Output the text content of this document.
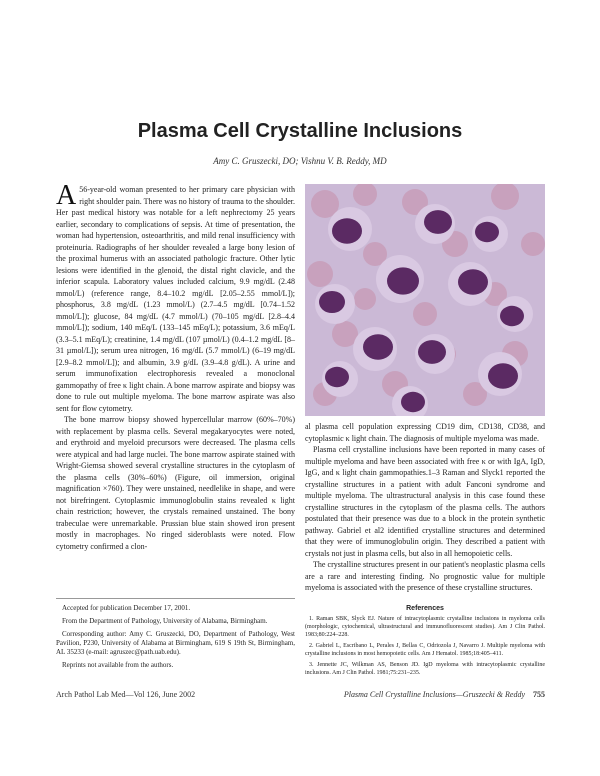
Plasma Cell Crystalline Inclusions
Amy C. Gruszecki, DO; Vishnu V. B. Reddy, MD

A 56-year-old woman presented to her primary care physician with right shoulder pain. There was no history of trauma to the shoulder. Her past medical history was notable for a left nephrectomy 25 years earlier, secondary to complications of sepsis. At time of presentation, the woman had hypertension, osteoarthritis, and mild renal insufficiency with proteinuria. Radiographs of her shoulder revealed a large bony lesion of the proximal humerus with an associated pathologic fracture. Other lytic lesions were identified in the glenoid, the distal right clavicle, and the inferior scapula. Laboratory values included calcium, 9.9 mg/dL (2.48 mmol/L) (reference range, 8.4–10.2 mg/dL [2.05–2.55 mmol/L]); phosphorus, 3.8 mg/dL (1.23 mmol/L) (2.7–4.5 mg/dL [0.74–1.52 mmol/L]); glucose, 84 mg/dL (4.7 mmol/L) (70–105 mg/dL [2.8–4.4 mmol/L]); sodium, 140 mEq/L (133–145 mEq/L); potassium, 3.6 mEq/L (3.3–5.1 mEq/L); creatinine, 1.4 mg/dL (107 µmol/L) (0.4–1.2 mg/dL [8–31 µmol/L]); serum urea nitrogen, 16 mg/dL (5.7 mmol/L) (6–19 mg/dL [2.9–8.2 mmol/L]); and albumin, 3.9 g/dL (3.9–4.8 g/dL). A urine and serum immunofixation electrophoresis revealed a monoclonal gammopathy of free κ light chain. A bone marrow aspirate and biopsy was done to rule out multiple myeloma. The bone marrow aspirate was also sent for flow cytometry.

The bone marrow biopsy showed hypercellular marrow (60%–70%) with replacement by plasma cells. Several megakaryocytes were noted, and erythroid and myeloid precursors were decreased. The plasma cells were atypical and had large nuclei. The bone marrow aspirate stained with Wright-Giemsa showed several crystalline structures in the cytoplasm of the plasma cells (30%–60%) (Figure, oil immersion, original magnification ×760). They were unstained, needlelike in shape, and were not birefringent. Cytoplasmic immunoglobulin stains revealed κ light chain restriction; however, the crystals remained unstained. The bony trabeculae were unremarkable. Prussian blue stain showed iron present mostly in macrophages. No ringed sideroblasts were noted. Flow cytometry confirmed a clon-

al plasma cell population expressing CD19 dim, CD138, CD38, and cytoplasmic κ light chain. The diagnosis of multiple myeloma was made.

Plasma cell crystalline inclusions have been reported in many cases of multiple myeloma and have been associated with free κ or with IgA, IgD, IgG, and κ light chain gammopathies.1–3 Raman and Slyck1 reported the crystalline structures in a patient with adult Fanconi syndrome and multiple myeloma. The ultrastructural analysis in this case found these crystalline structures in the cytoplasm of the plasma cells. The authors postulated that their presence was due to a block in the protein synthetic pathway. Gabriel et al2 identified crystalline structures and determined that they were of immunoglobulin origin. They described a patient with crystals not just in plasma cells, but also in all hemopoietic cells.

The crystalline structures present in our patient's neoplastic plasma cells are a rare and interesting finding. No prognostic value for multiple myeloma is associated with the presence of these crystalline structures.

Accepted for publication December 17, 2001.

From the Department of Pathology, University of Alabama, Birmingham.

Corresponding author: Amy C. Gruszecki, DO, Department of Pathology, West Pavilion, P230, University of Alabama at Birmingham, 619 S 19th St, Birmingham, AL 35233 (e-mail: agruszec@path.uab.edu).

Reprints not available from the authors.

References

1. Raman SBK, Slyck EJ. Nature of intracytoplasmic crystalline inclusions in myeloma cells (morphologic, cytochemical, ultrastructural and immunofluorescent studies). Am J Clin Pathol. 1983;80:224–228.

2. Gabriel L, Escribano L, Perales J, Bellas C, Odriozola J, Navarro J. Multiple myeloma with crystalline inclusions in most hemopoietic cells. Am J Hematol. 1985;18:405–411.

3. Jennette JC, Wilkman AS, Benson JD. IgD myeloma with intracytoplasmic crystalline inclusions. Am J Clin Pathol. 1981;75:231–235.

Arch Pathol Lab Med—Vol 126, June 2002	Plasma Cell Crystalline Inclusions—Gruszecki & Reddy 755
